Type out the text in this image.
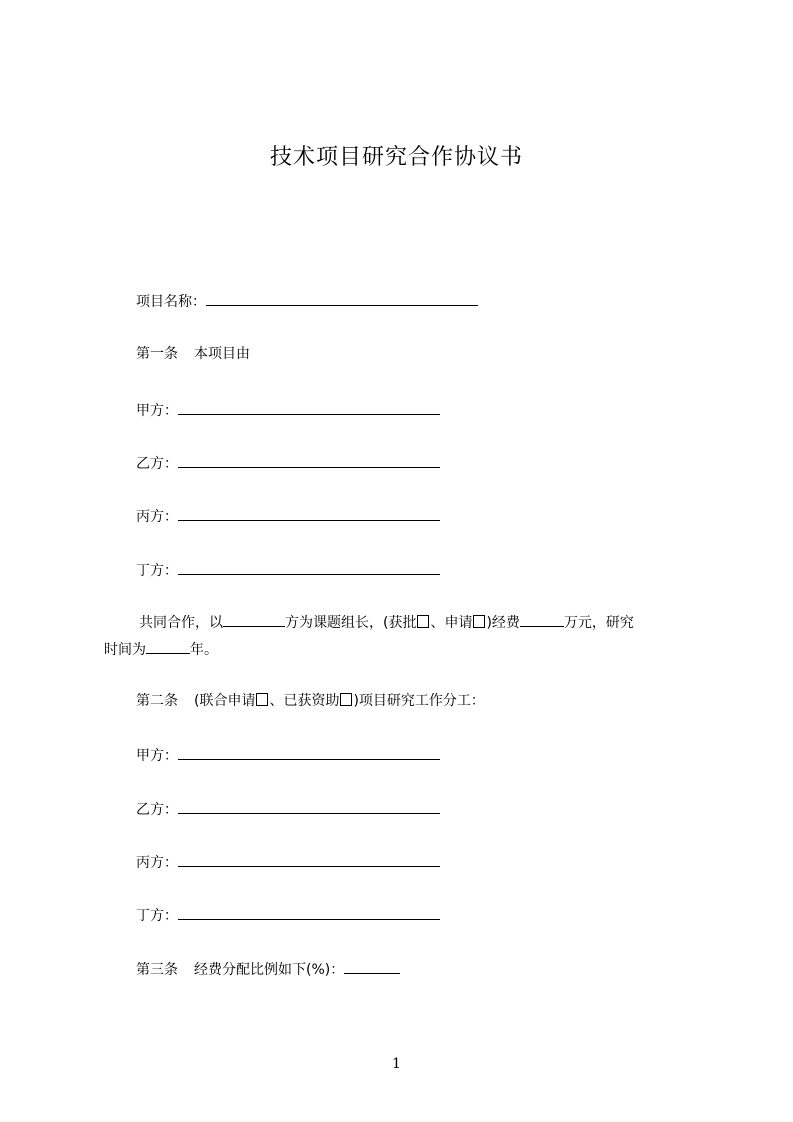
技术项目研究合作协议书
项目名称：
第一条 本项目由
甲方：
乙方：
丙方：
丁方：
共同合作，以	方为课题组长，(获批 、申请 )经费	万元，研究
时间为	年。
第二条 (联合申请 、已获资助 )项目研究工作分工：
甲方：
乙方：
丙方：
丁方：
第三条 经费分配比例如下(%)：
1
